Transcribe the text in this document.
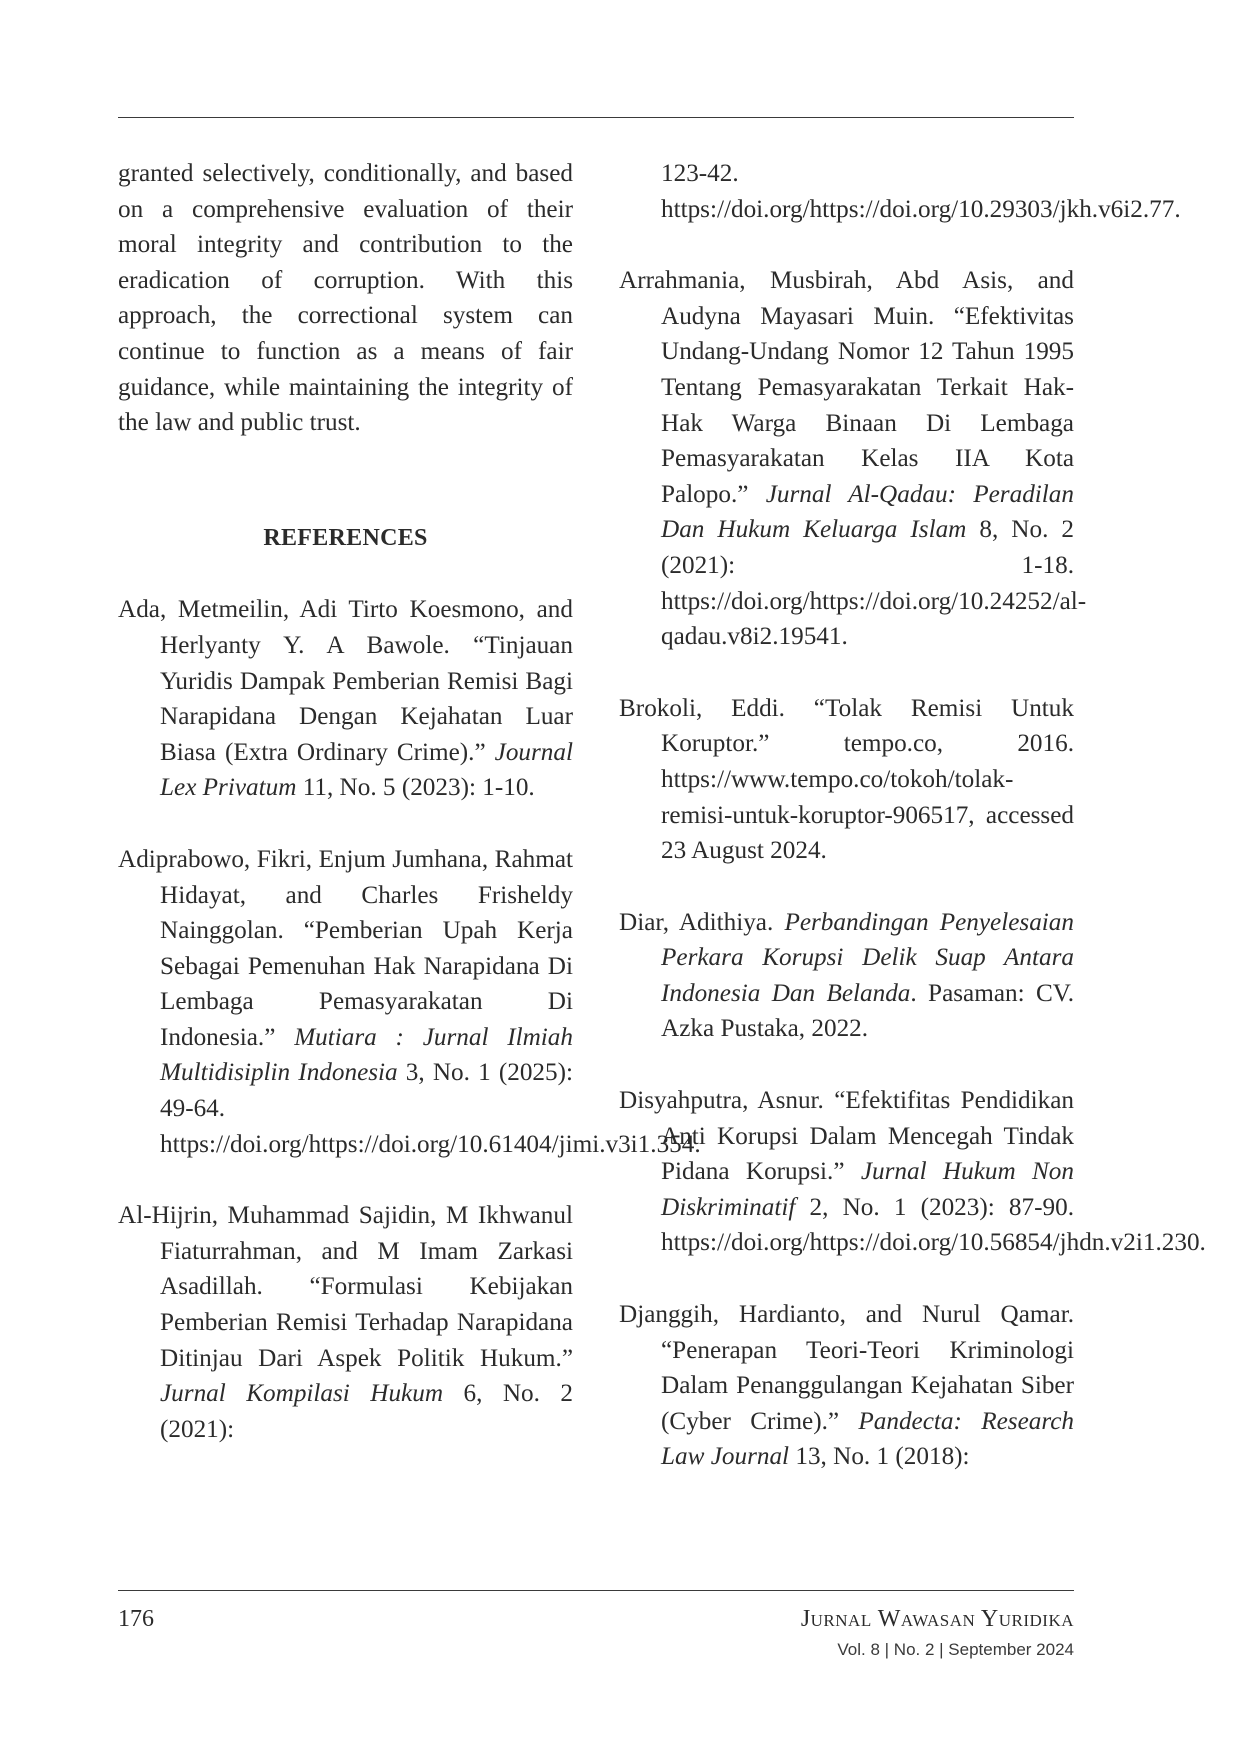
granted selectively, conditionally, and based on a comprehensive evaluation of their moral integrity and contribution to the eradication of corruption. With this approach, the correctional system can continue to function as a means of fair guidance, while maintaining the integrity of the law and public trust.

REFERENCES

Ada, Metmeilin, Adi Tirto Koesmono, and Herlyanty Y. A Bawole. “Tinjauan Yuridis Dampak Pemberian Remisi Bagi Narapidana Dengan Kejahatan Luar Biasa (Extra Ordinary Crime).” Journal Lex Privatum 11, No. 5 (2023): 1-10.

Adiprabowo, Fikri, Enjum Jumhana, Rahmat Hidayat, and Charles Frisheldy Nainggolan. “Pemberian Upah Kerja Sebagai Pemenuhan Hak Narapidana Di Lembaga Pemasyarakatan Di Indonesia.” Mutiara : Jurnal Ilmiah Multidisiplin Indonesia 3, No. 1 (2025): 49-64. https://doi.org/https://doi.org/10.61404/jimi.v3i1.354.

Al-Hijrin, Muhammad Sajidin, M Ikhwanul Fiaturrahman, and M Imam Zarkasi Asadillah. “Formulasi Kebijakan Pemberian Remisi Terhadap Narapidana Ditinjau Dari Aspek Politik Hukum.” Jurnal Kompilasi Hukum 6, No. 2 (2021):

123-42. https://doi.org/https://doi.org/10.29303/jkh.v6i2.77.

Arrahmania, Musbirah, Abd Asis, and Audyna Mayasari Muin. “Efektivitas Undang-Undang Nomor 12 Tahun 1995 Tentang Pemasyarakatan Terkait Hak-Hak Warga Binaan Di Lembaga Pemasyarakatan Kelas IIA Kota Palopo.” Jurnal Al-Qadau: Peradilan Dan Hukum Keluarga Islam 8, No. 2 (2021): 1-18. https://doi.org/https://doi.org/10.24252/al-qadau.v8i2.19541.

Brokoli, Eddi. “Tolak Remisi Untuk Koruptor.” tempo.co, 2016. https://www.tempo.co/tokoh/tolak-remisi-untuk-koruptor-906517, accessed 23 August 2024.

Diar, Adithiya. Perbandingan Penyelesaian Perkara Korupsi Delik Suap Antara Indonesia Dan Belanda. Pasaman: CV. Azka Pustaka, 2022.

Disyahputra, Asnur. “Efektifitas Pendidikan Anti Korupsi Dalam Mencegah Tindak Pidana Korupsi.” Jurnal Hukum Non Diskriminatif 2, No. 1 (2023): 87-90. https://doi.org/https://doi.org/10.56854/jhdn.v2i1.230.

Djanggih, Hardianto, and Nurul Qamar. “Penerapan Teori-Teori Kriminologi Dalam Penanggulangan Kejahatan Siber (Cyber Crime).” Pandecta: Research Law Journal 13, No. 1 (2018):

176	Jurnal Wawasan Yuridika
Vol. 8 | No. 2 | September 2024
